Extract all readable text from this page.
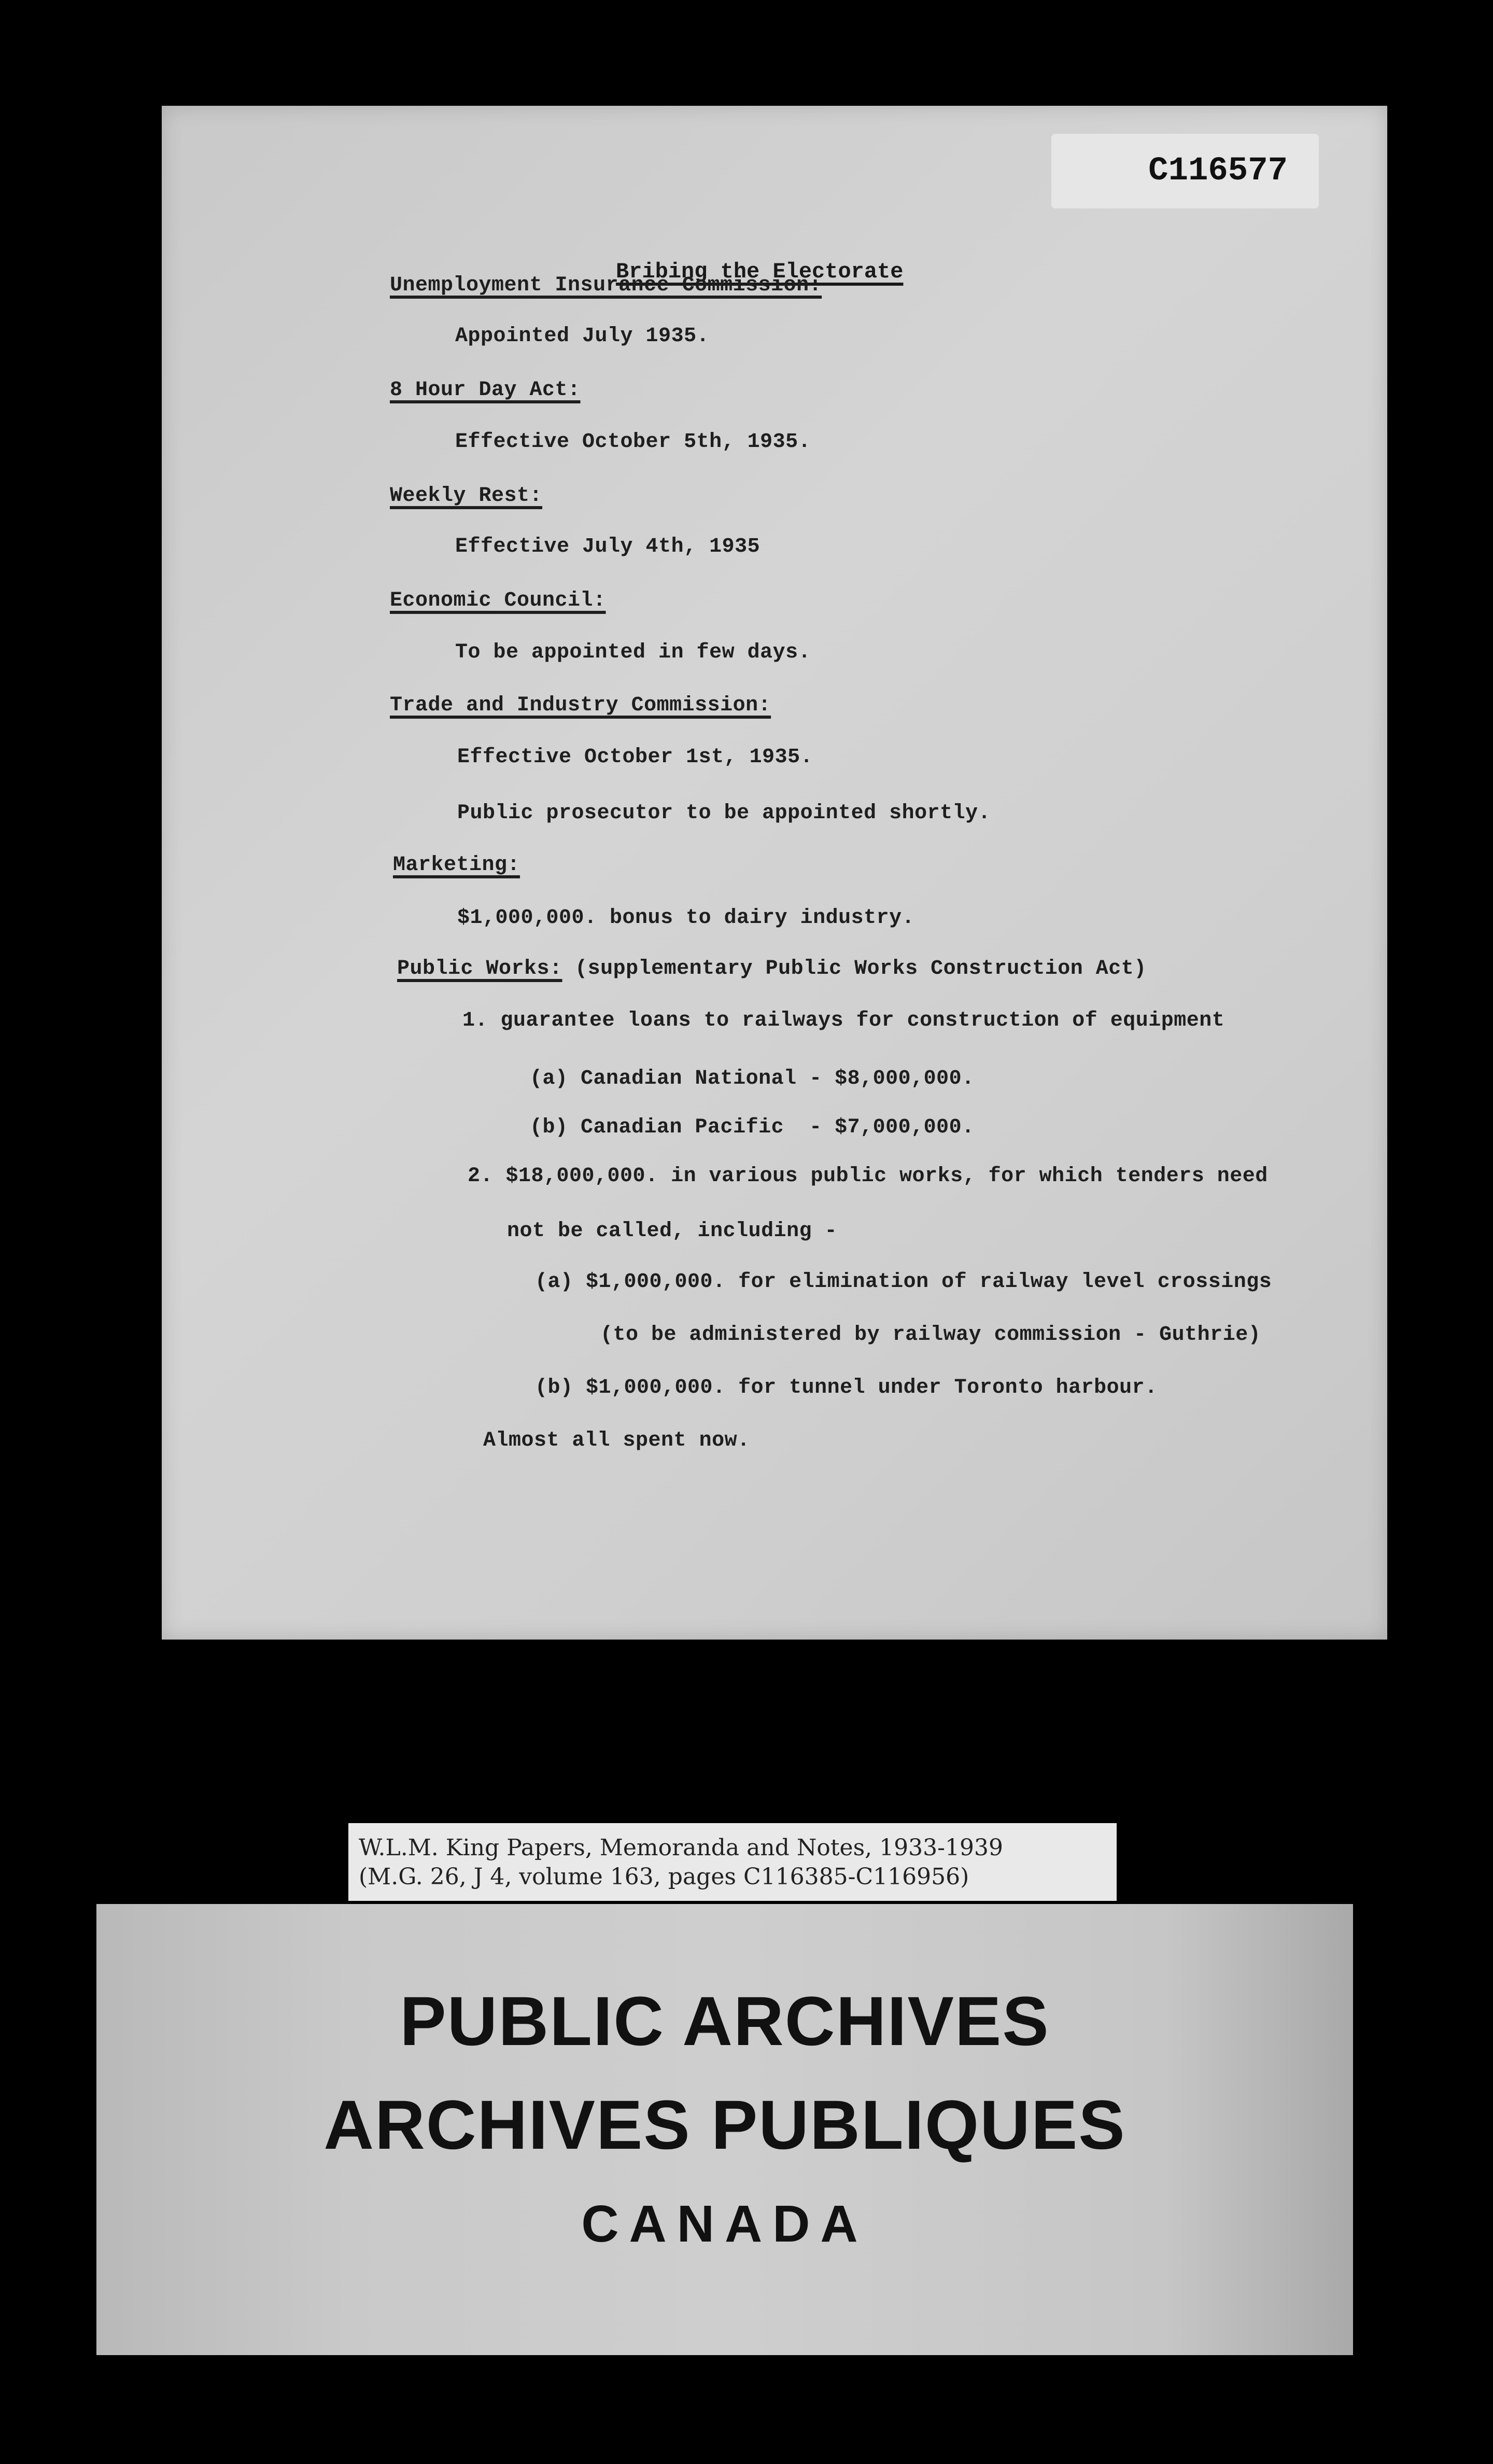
C116577
Bribing the Electorate
Unemployment Insurance Commission:
Appointed July 1935.
8 Hour Day Act:
Effective October 5th, 1935.
Weekly Rest:
Effective July 4th, 1935
Economic Council:
To be appointed in few days.
Trade and Industry Commission:
Effective October 1st, 1935.
Public prosecutor to be appointed shortly.
Marketing:
$1,000,000. bonus to dairy industry.
Public Works: (supplementary Public Works Construction Act)
1. guarantee loans to railways for construction of equipment
(a) Canadian National - $8,000,000.
(b) Canadian Pacific  - $7,000,000.
2. $18,000,000. in various public works, for which tenders need
not be called, including -
(a) $1,000,000. for elimination of railway level crossings
(to be administered by railway commission - Guthrie)
(b) $1,000,000. for tunnel under Toronto harbour.
Almost all spent now.
W.L.M. King Papers, Memoranda and Notes, 1933-1939
(M.G. 26, J 4, volume 163, pages C116385-C116956)
PUBLIC ARCHIVES
ARCHIVES PUBLIQUES
CANADA
